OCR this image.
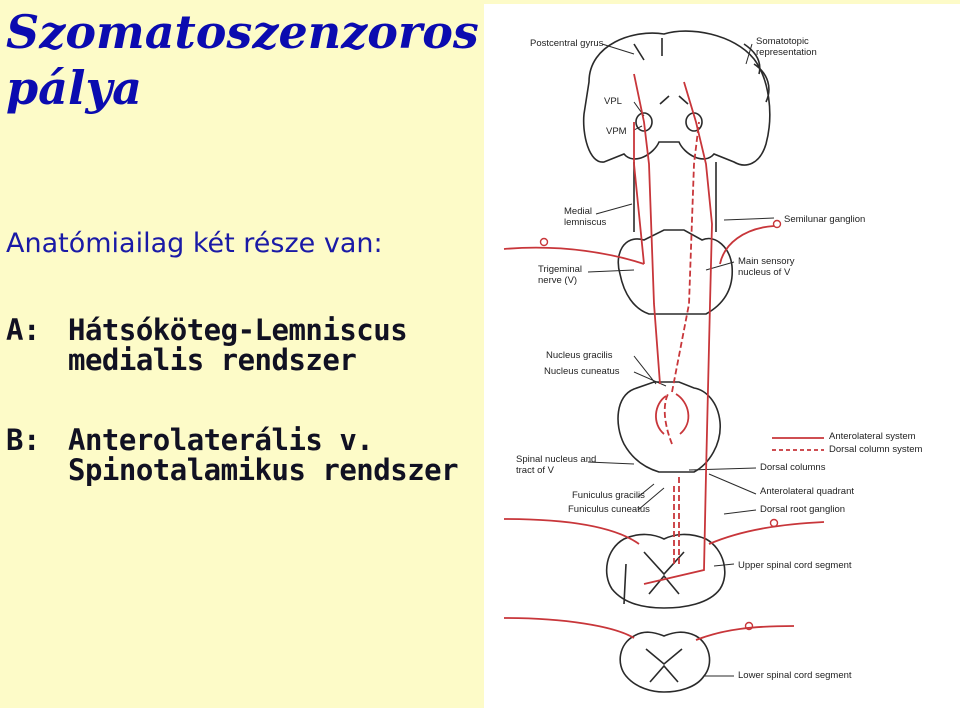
Szomatoszenzoros
pálya
Anatómiailag két része van:
A: Hátsóköteg-Lemniscus
medialis rendszer
B: Anterolaterális v.
Spinotalamikus rendszer
Postcentral gyrus	Somatotopic
representation
VPL
VPM
Medial
lemniscus	Semilunar ganglion
Trigeminal
nerve (V)
Main sensory
nucleus of V
Nucleus gracilis
Nucleus cuneatus
Anterolateral system
Dorsal column system
Spinal nucleus and
tract of V	Dorsal columns
Anterolateral quadrant
Funiculus gracilis
Funiculus cuneatus	Dorsal root ganglion
Upper spinal cord segment
Lower spinal cord segment
